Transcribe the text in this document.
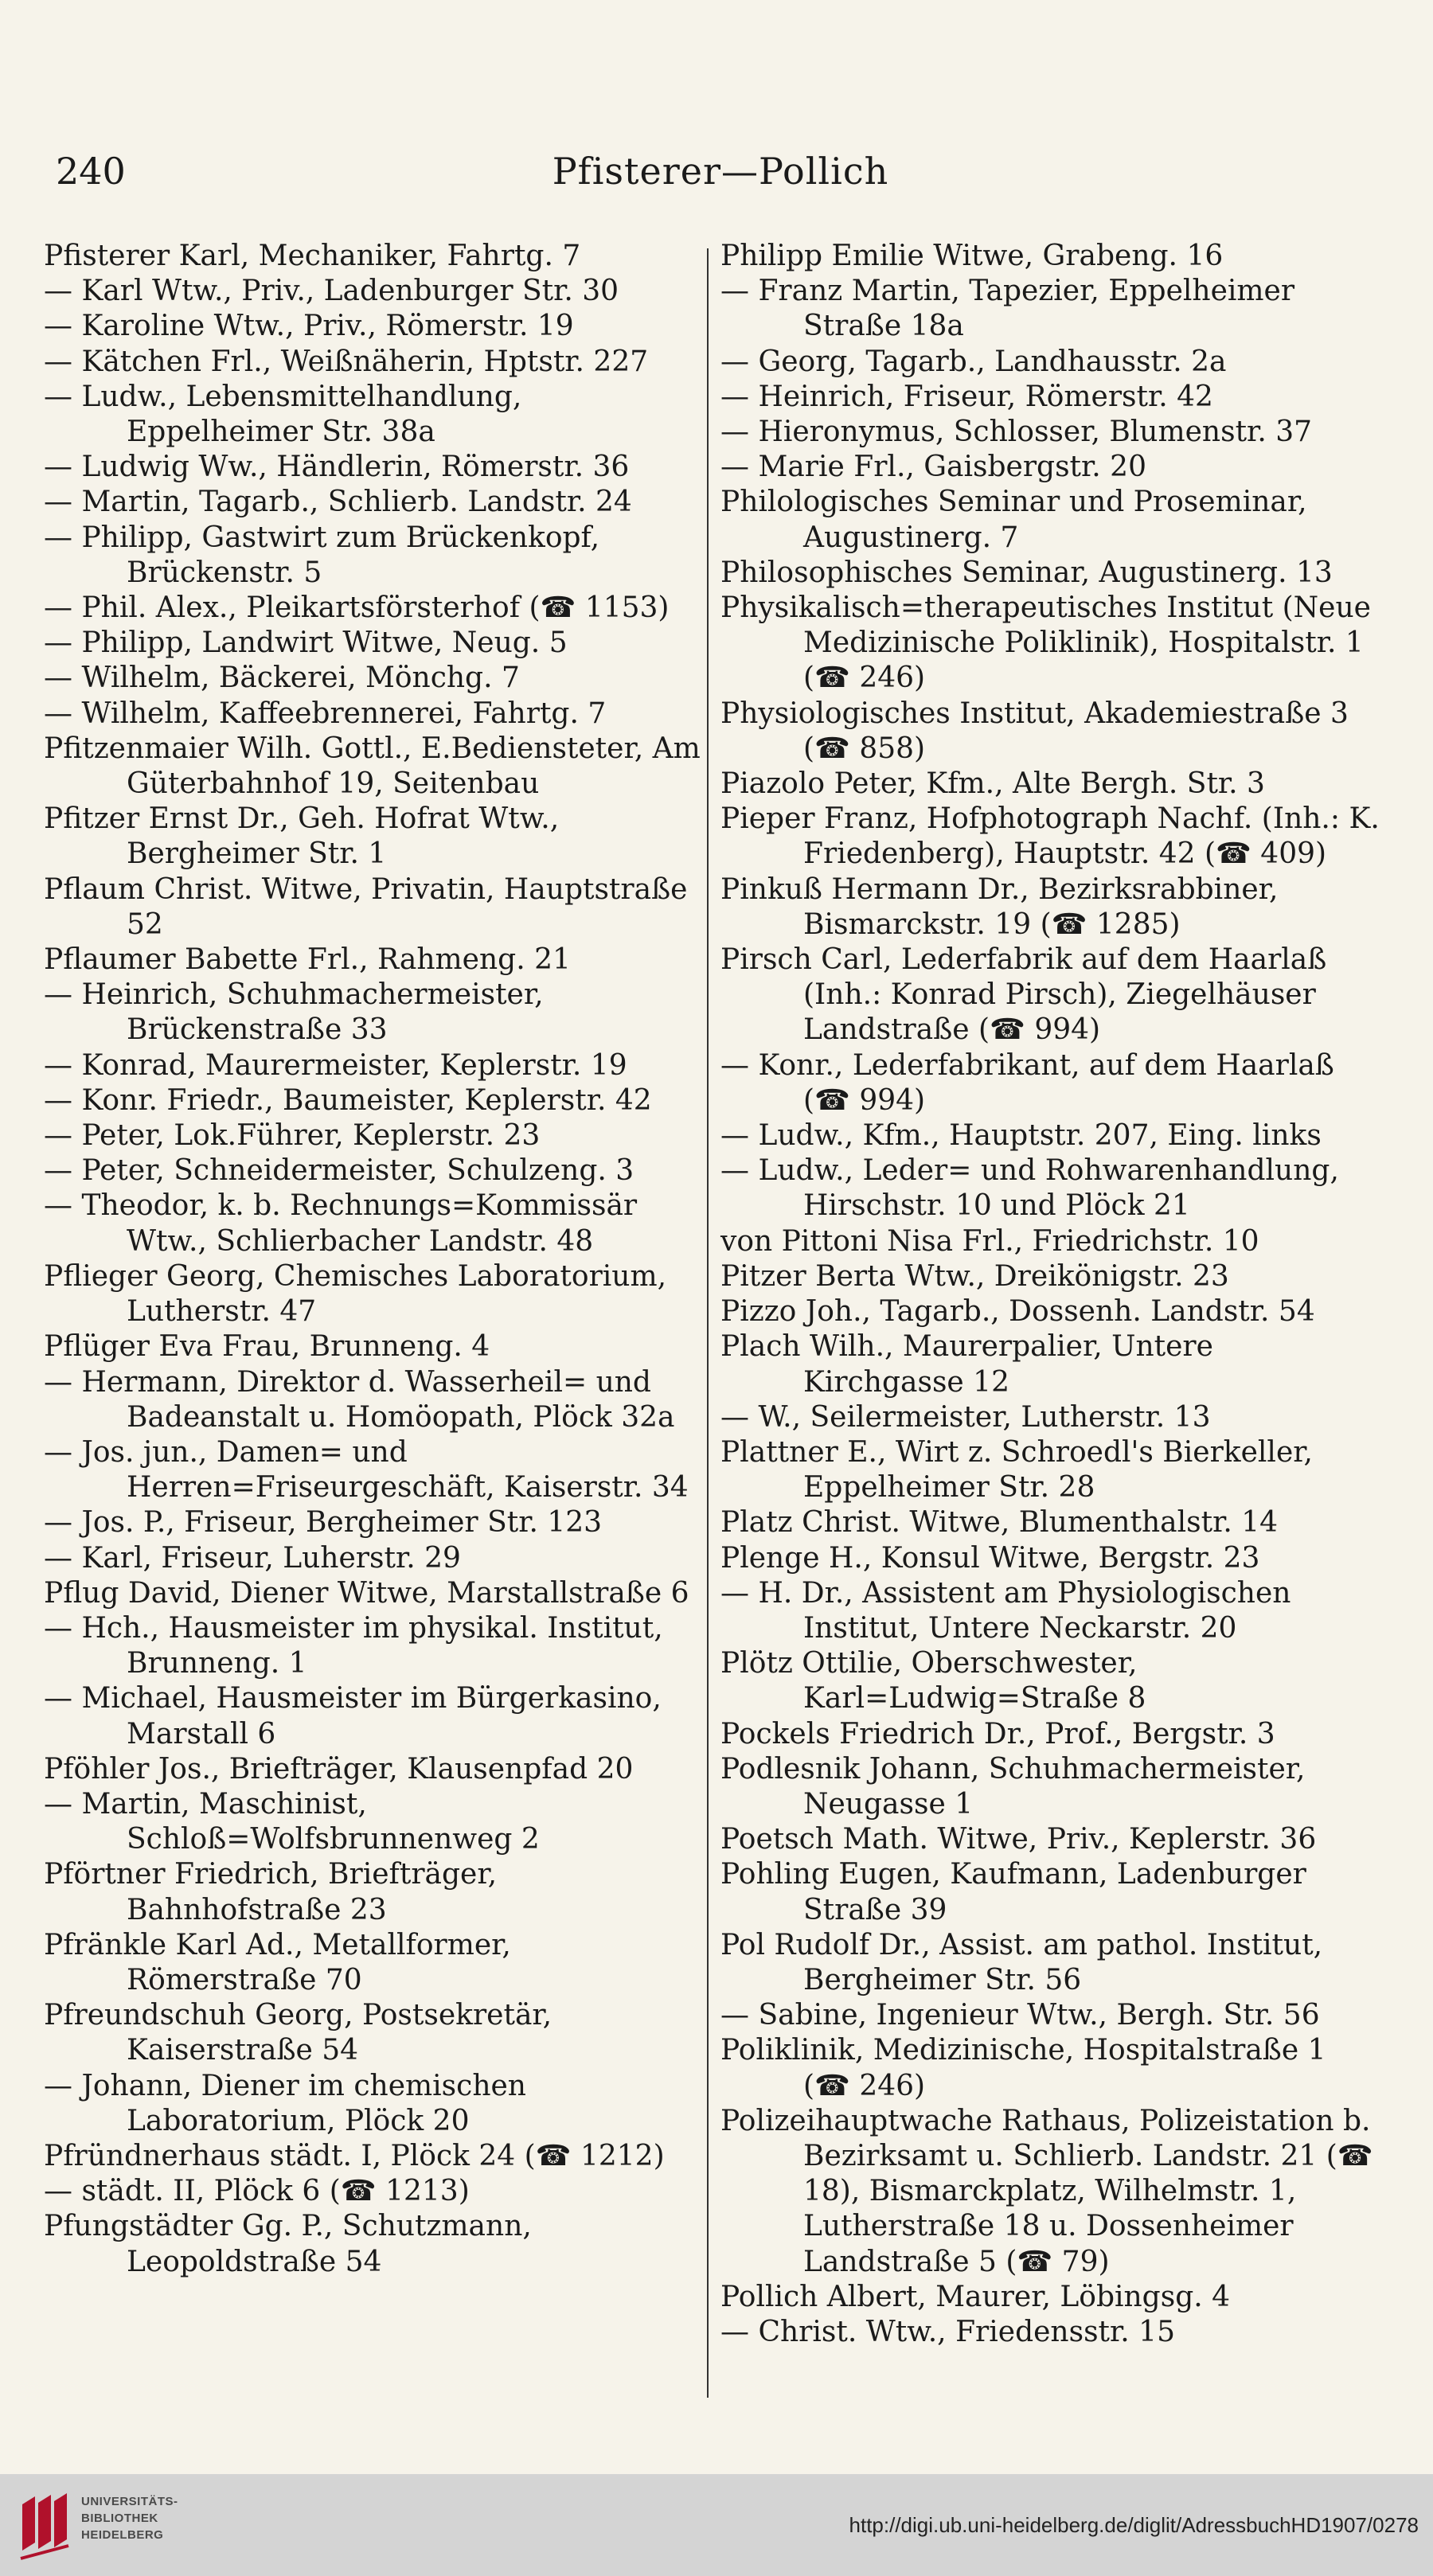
240	Pfisterer—Pollich

Pfisterer Karl, Mechaniker, Fahrtg. 7

— Karl Wtw., Priv., Ladenburger Str. 30

— Karoline Wtw., Priv., Römerstr. 19

— Kätchen Frl., Weißnäherin, Hptstr. 227

— Ludw., Lebensmittelhandlung, Eppelheimer Str. 38a

— Ludwig Ww., Händlerin, Römerstr. 36

— Martin, Tagarb., Schlierb. Landstr. 24

— Philipp, Gastwirt zum Brückenkopf, Brückenstr. 5

— Phil. Alex., Pleikartsförsterhof (☎ 1153)

— Philipp, Landwirt Witwe, Neug. 5

— Wilhelm, Bäckerei, Mönchg. 7

— Wilhelm, Kaffeebrennerei, Fahrtg. 7

Pfitzenmaier Wilh. Gottl., E.Bediensteter, Am Güterbahnhof 19, Seitenbau

Pfitzer Ernst Dr., Geh. Hofrat Wtw., Bergheimer Str. 1

Pflaum Christ. Witwe, Privatin, Hauptstraße 52

Pflaumer Babette Frl., Rahmeng. 21

— Heinrich, Schuhmachermeister, Brückenstraße 33

— Konrad, Maurermeister, Keplerstr. 19

— Konr. Friedr., Baumeister, Keplerstr. 42

— Peter, Lok.Führer, Keplerstr. 23

— Peter, Schneidermeister, Schulzeng. 3

— Theodor, k. b. Rechnungs=Kommissär Wtw., Schlierbacher Landstr. 48

Pflieger Georg, Chemisches Laboratorium, Lutherstr. 47

Pflüger Eva Frau, Brunneng. 4

— Hermann, Direktor d. Wasserheil= und Badeanstalt u. Homöopath, Plöck 32a

— Jos. jun., Damen= und Herren=Friseurgeschäft, Kaiserstr. 34

— Jos. P., Friseur, Bergheimer Str. 123

— Karl, Friseur, Luherstr. 29

Pflug David, Diener Witwe, Marstallstraße 6

— Hch., Hausmeister im physikal. Institut, Brunneng. 1

— Michael, Hausmeister im Bürgerkasino, Marstall 6

Pföhler Jos., Briefträger, Klausenpfad 20

— Martin, Maschinist, Schloß=Wolfsbrunnenweg 2

Pförtner Friedrich, Briefträger, Bahnhofstraße 23

Pfränkle Karl Ad., Metallformer, Römerstraße 70

Pfreundschuh Georg, Postsekretär, Kaiserstraße 54

— Johann, Diener im chemischen Laboratorium, Plöck 20

Pfründnerhaus städt. I, Plöck 24 (☎ 1212)

— städt. II, Plöck 6 (☎ 1213)

Pfungstädter Gg. P., Schutzmann, Leopoldstraße 54

Philipp Emilie Witwe, Grabeng. 16

— Franz Martin, Tapezier, Eppelheimer Straße 18a

— Georg, Tagarb., Landhausstr. 2a

— Heinrich, Friseur, Römerstr. 42

— Hieronymus, Schlosser, Blumenstr. 37

— Marie Frl., Gaisbergstr. 20

Philologisches Seminar und Proseminar, Augustinerg. 7

Philosophisches Seminar, Augustinerg. 13

Physikalisch=therapeutisches Institut (Neue Medizinische Poliklinik), Hospitalstr. 1 (☎ 246)

Physiologisches Institut, Akademiestraße 3 (☎ 858)

Piazolo Peter, Kfm., Alte Bergh. Str. 3

Pieper Franz, Hofphotograph Nachf. (Inh.: K. Friedenberg), Hauptstr. 42 (☎ 409)

Pinkuß Hermann Dr., Bezirksrabbiner, Bismarckstr. 19 (☎ 1285)

Pirsch Carl, Lederfabrik auf dem Haarlaß (Inh.: Konrad Pirsch), Ziegelhäuser Landstraße (☎ 994)

— Konr., Lederfabrikant, auf dem Haarlaß (☎ 994)

— Ludw., Kfm., Hauptstr. 207, Eing. links

— Ludw., Leder= und Rohwarenhandlung, Hirschstr. 10 und Plöck 21

von Pittoni Nisa Frl., Friedrichstr. 10

Pitzer Berta Wtw., Dreikönigstr. 23

Pizzo Joh., Tagarb., Dossenh. Landstr. 54

Plach Wilh., Maurerpalier, Untere Kirchgasse 12

— W., Seilermeister, Lutherstr. 13

Plattner E., Wirt z. Schroedl's Bierkeller, Eppelheimer Str. 28

Platz Christ. Witwe, Blumenthalstr. 14

Plenge H., Konsul Witwe, Bergstr. 23

— H. Dr., Assistent am Physiologischen Institut, Untere Neckarstr. 20

Plötz Ottilie, Oberschwester, Karl=Ludwig=Straße 8

Pockels Friedrich Dr., Prof., Bergstr. 3

Podlesnik Johann, Schuhmachermeister, Neugasse 1

Poetsch Math. Witwe, Priv., Keplerstr. 36

Pohling Eugen, Kaufmann, Ladenburger Straße 39

Pol Rudolf Dr., Assist. am pathol. Institut, Bergheimer Str. 56

— Sabine, Ingenieur Wtw., Bergh. Str. 56

Poliklinik, Medizinische, Hospitalstraße 1 (☎ 246)

Polizeihauptwache Rathaus, Polizeistation b. Bezirksamt u. Schlierb. Landstr. 21 (☎ 18), Bismarckplatz, Wilhelmstr. 1, Lutherstraße 18 u. Dossenheimer Landstraße 5 (☎ 79)

Pollich Albert, Maurer, Löbingsg. 4

— Christ. Wtw., Friedensstr. 15

UNIVERSITÄTS-
BIBLIOTHEK
HEIDELBERG	http://digi.ub.uni-heidelberg.de/diglit/AdressbuchHD1907/0278
